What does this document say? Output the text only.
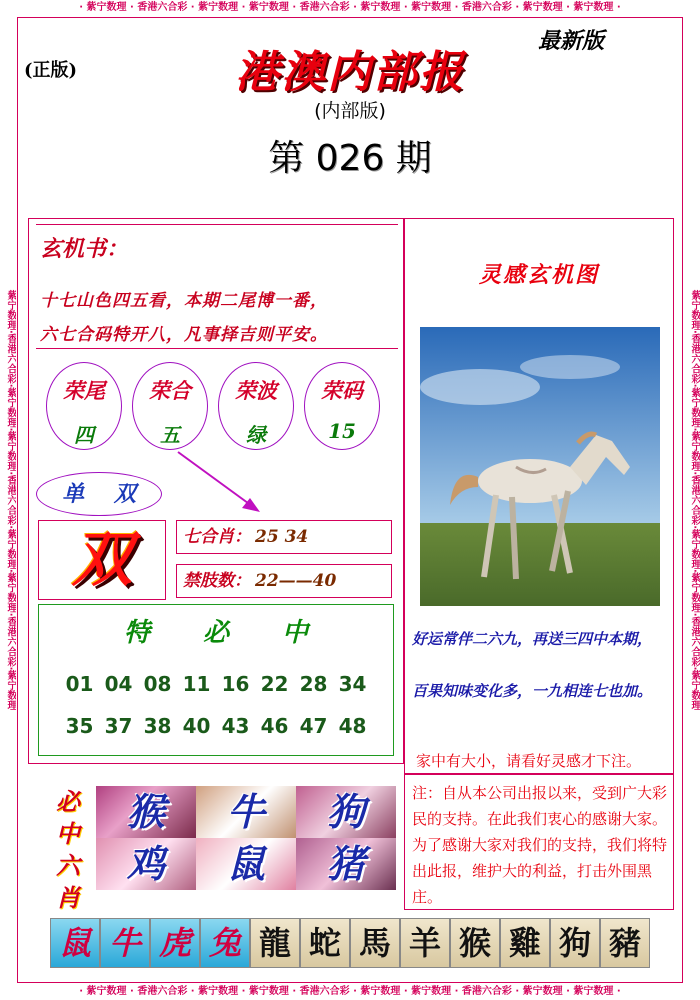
· 紫宁数理 · 香港六合彩 · 紫宁数理 · 紫宁数理 · 香港六合彩 · 紫宁数理 · 紫宁数理 · 香港六合彩 · 紫宁数理 · 紫宁数理 ·
· 紫宁数理 · 香港六合彩 · 紫宁数理 · 紫宁数理 · 香港六合彩 · 紫宁数理 · 紫宁数理 · 香港六合彩 · 紫宁数理 · 紫宁数理 ·
紫宁数理·香港六合彩·紫宁数理·紫宁数理·香港六合彩·紫宁数理·紫宁数理·香港六合彩·紫宁数理	紫宁数理·香港六合彩·紫宁数理·紫宁数理·香港六合彩·紫宁数理·紫宁数理·香港六合彩·紫宁数理
(正版)
最新版
港澳内部报
(内部版)
第 026 期
玄机书：
十七山色四五看，本期二尾博一番，
六七合码特开八，凡事择吉则平安。
荣尾
四
荣合
五
荣波
绿
荣码
15
单 双
双	七合肖： 25 34
禁肢数： 22——40
特 必 中
01 04 08 11 16 22 28 34
35 37 38 40 43 46 47 48
必
中
六
肖
猴	牛	狗
鸡	鼠	猪
灵感玄机图
好运常伴二六九，再送三四中本期，
百果知味变化多，一九相连七也加。
家中有大小，请看好灵感才下注。
注：自从本公司出报以来，受到广大彩民的支持。在此我们衷心的感谢大家。为了感谢大家对我们的支持，我们将特出此报，维护大的利益，打击外围黑庄。
鼠 牛 虎 兔 龍 蛇 馬 羊 猴 雞 狗 豬
